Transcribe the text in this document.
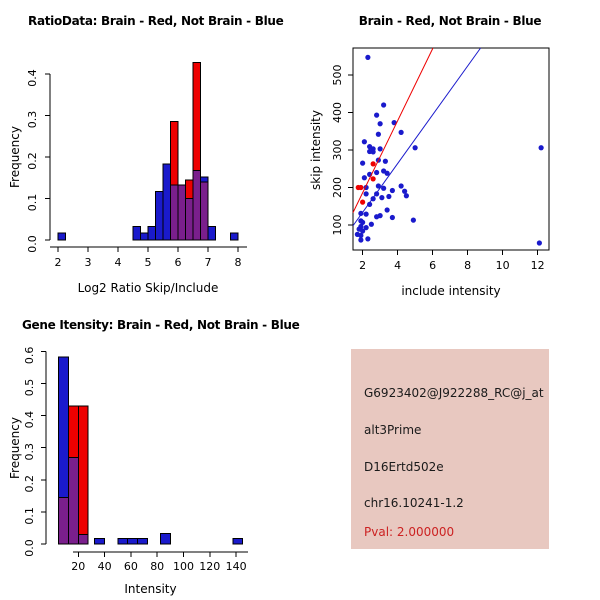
0.0
0.1
0.2
0.3
0.4
2 3 4 5 6 7 8	2	4	6	8 10 12
100
200
300
400
500
0.0
0.1
0.2
0.3
0.4
0.5
0.6
20 40 60 80 100 120 140
RatioData: Brain - Red, Not Brain - Blue
Log2 Ratio Skip/Include
Frequency
Brain - Red, Not Brain - Blue
include intensity
skip intensity
Gene Itensity: Brain - Red, Not Brain - Blue
Intensity
Frequency
G6923402@J922288_RC@j_at
alt3Prime
D16Ertd502e
chr16.10241-1.2
Pval: 2.000000
